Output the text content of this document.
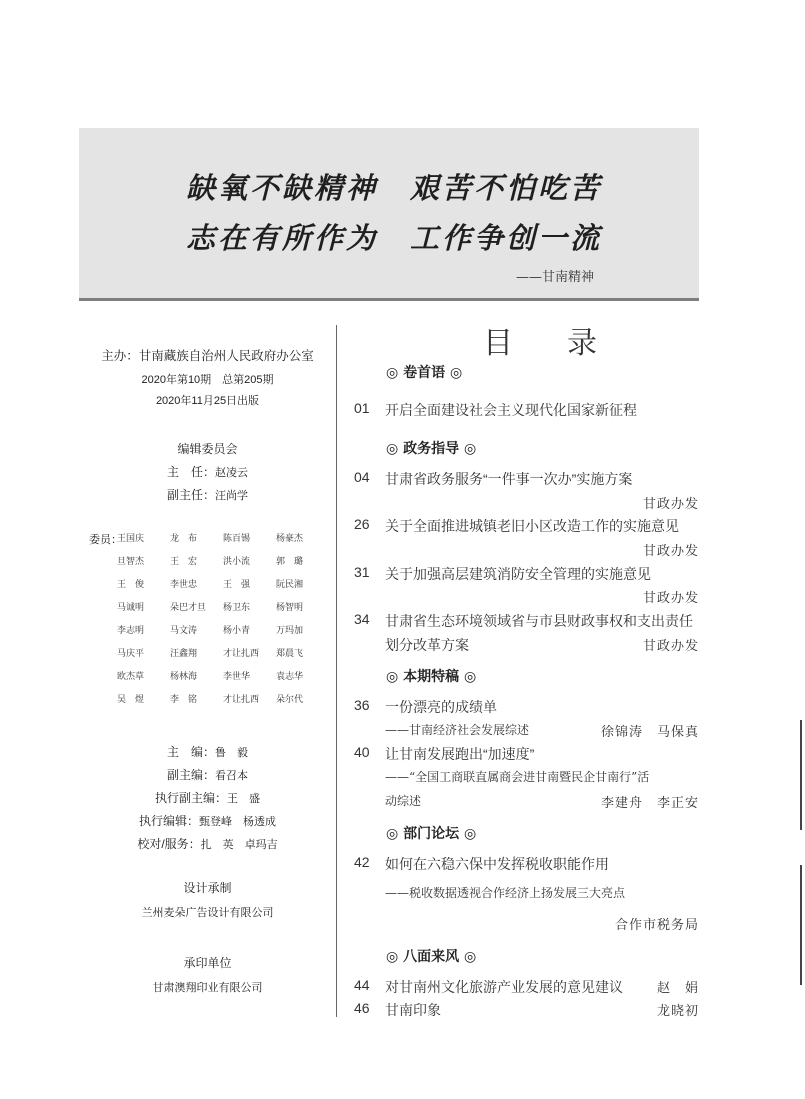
缺氧不缺精神　艰苦不怕吃苦
志在有所作为　工作争创一流
——甘南精神
主办：甘南藏族自治州人民政府办公室
2020年第10期　总第205期
2020年11月25日出版
编辑委员会
主　任：赵凌云
副主任：汪尚学
委员：
王国庆	龙　布	陈百锡	杨豪杰
旦智杰	王　宏	洪小流	郭　璐
王　俊	李世忠	王　强	阮民湘
马诚明	朵巴才旦	杨卫东	杨智明
李志明	马文涛	杨小青	万玛加
马庆平	汪鑫翔	才让扎西	郑晨飞
欧杰草	杨林海	李世华	袁志华
吴　煜	李　铭	才让扎西	朵尔代
主　编：鲁　毅
副主编：看召本
执行副主编：王　盛
执行编辑：甄登峰　杨透成
校对/服务：扎　英　卓玛吉
设计承制
兰州麦朵广告设计有限公司
承印单位
甘肃澳翔印业有限公司
目　录
◎ 卷首语 ◎
01	开启全面建设社会主义现代化国家新征程
◎ 政务指导 ◎
04	甘肃省政务服务“一件事一次办”实施方案
甘政办发
26	关于全面推进城镇老旧小区改造工作的实施意见
甘政办发
31	关于加强高层建筑消防安全管理的实施意见
甘政办发
34	甘肃省生态环境领域省与市县财政事权和支出责任
划分改革方案	甘政办发
◎ 本期特稿 ◎
36	一份漂亮的成绩单
——甘南经济社会发展综述	徐锦涛　马保真
40	让甘南发展跑出“加速度”
——“全国工商联直属商会进甘南暨民企甘南行”活
动综述	李建舟　李正安
◎ 部门论坛 ◎
42	如何在六稳六保中发挥税收职能作用
——税收数据透视合作经济上扬发展三大亮点
合作市税务局
◎ 八面来风 ◎
44	对甘南州文化旅游产业发展的意见建议	赵　娟
46	甘南印象	龙晓初
